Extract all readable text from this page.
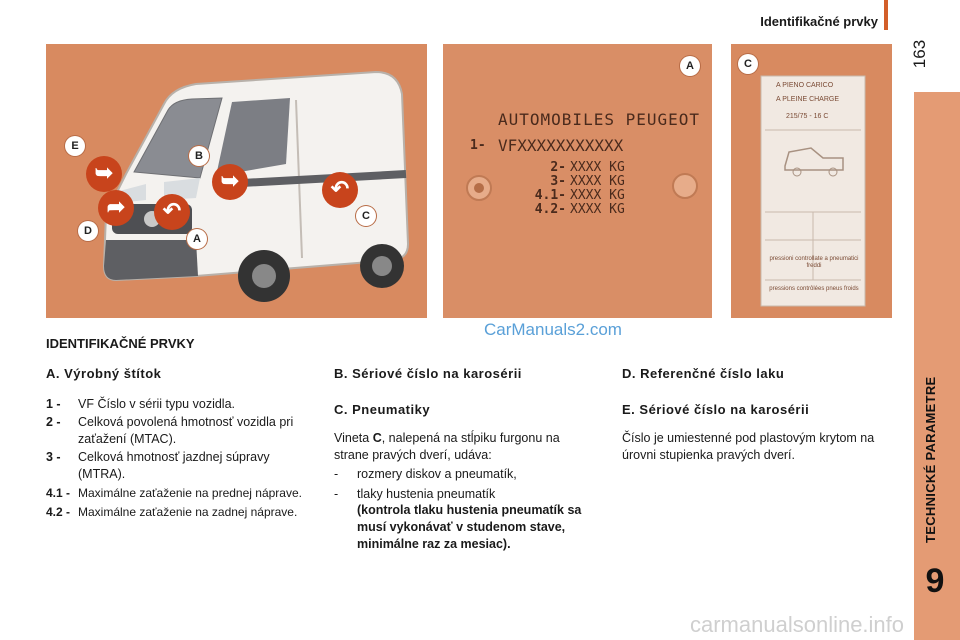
Identifikačné prvky
163
TECHNICKÉ PARAMETRE
9
E
B
D
A
C
➥	➥
➦	↶
↶
AUTOMOBILES PEUGEOT
1- VFXXXXXXXXXXX
2- XXXX KG
3- XXXX KG
4.1- XXXX KG
4.2- XXXX KG
A
A PIENO CARICO
A PLEINE CHARGE
215/75 - 16 C
pressioni controllate a pneumatici freddi
pressions contrôlées pneus froids
C
CarManuals2.com
carmanualsonline.info
IDENTIFIKAČNÉ PRVKY
A. Výrobný štítok
1 - VF Číslo v sérii typu vozidla.
2 - Celková povolená hmotnosť vozidla pri zaťažení (MTAC).
3 - Celková hmotnosť jazdnej súpravy (MTRA).
4.1 - Maximálne zaťaženie na prednej náprave.
4.2 - Maximálne zaťaženie na zadnej náprave.
B. Sériové číslo na karosérii
C. Pneumatiky
Vineta C, nalepená na stĺpiku furgonu na strane pravých dverí, udáva:
-	rozmery diskov a pneumatík,
-	tlaky hustenia pneumatík
(kontrola tlaku hustenia pneumatík sa musí vykonávať v studenom stave, minimálne raz za mesiac).
D. Referenčné číslo laku
E. Sériové číslo na karosérii
Číslo je umiestenné pod plastovým krytom na úrovni stupienka pravých dverí.
